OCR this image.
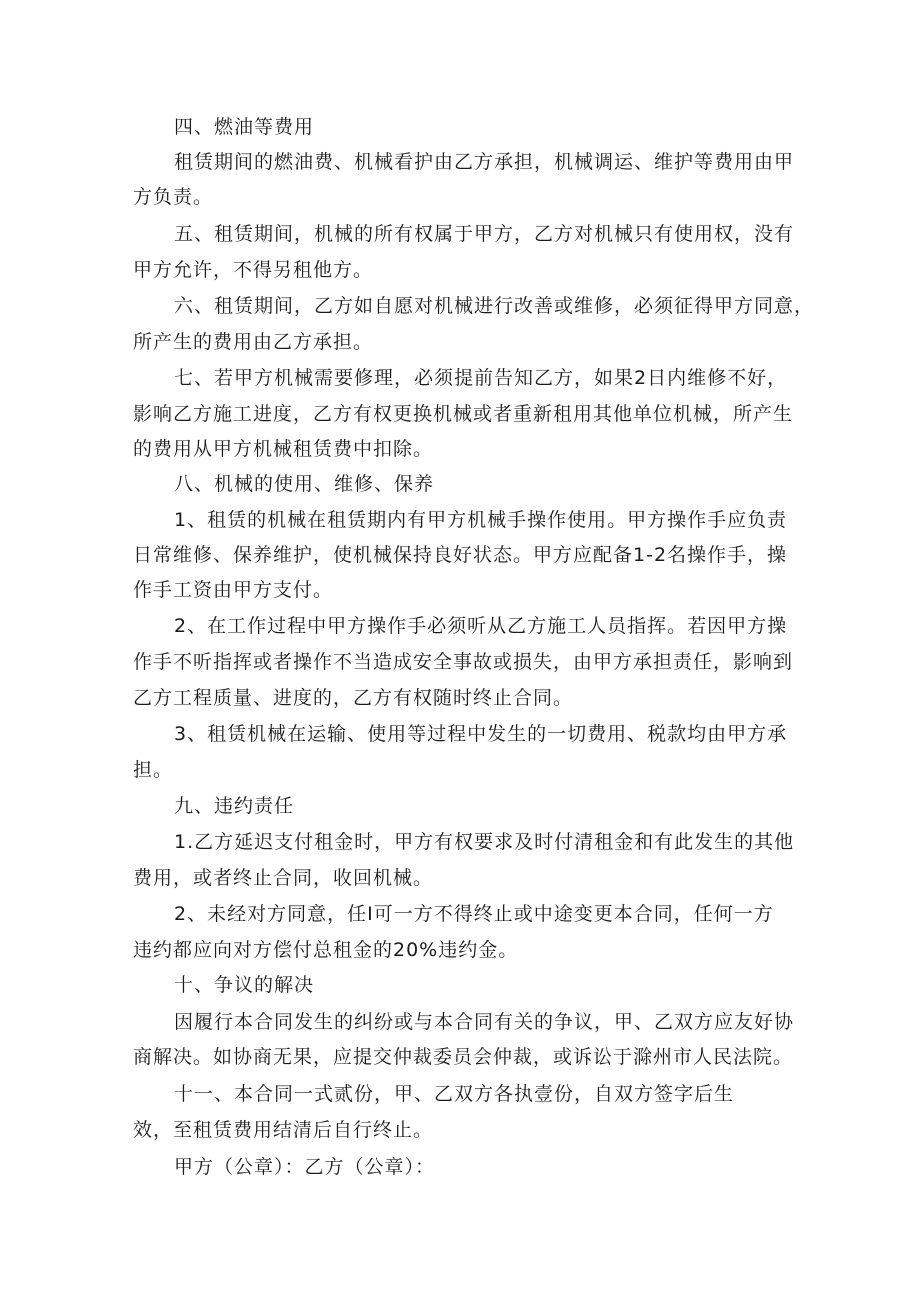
四、燃油等费用
租赁期间的燃油费、机械看护由乙方承担，机械调运、维护等费用由甲
方负责。
五、租赁期间，机械的所有权属于甲方，乙方对机械只有使用权，没有
甲方允许，不得另租他方。
六、租赁期间，乙方如自愿对机械进行改善或维修，必须征得甲方同意，
所产生的费用由乙方承担。
七、若甲方机械需要修理，必须提前告知乙方，如果2日内维修不好，
影响乙方施工进度，乙方有权更换机械或者重新租用其他单位机械，所产生
的费用从甲方机械租赁费中扣除。
八、机械的使用、维修、保养
1、租赁的机械在租赁期内有甲方机械手操作使用。甲方操作手应负责
日常维修、保养维护，使机械保持良好状态。甲方应配备1-2名操作手，操
作手工资由甲方支付。
2、在工作过程中甲方操作手必须听从乙方施工人员指挥。若因甲方操
作手不听指挥或者操作不当造成安全事故或损失，由甲方承担责任，影响到
乙方工程质量、进度的，乙方有权随时终止合同。
3、租赁机械在运输、使用等过程中发生的一切费用、税款均由甲方承
担。
九、违约责任
1.乙方延迟支付租金时，甲方有权要求及时付清租金和有此发生的其他
费用，或者终止合同，收回机械。
2、未经对方同意，任I可一方不得终止或中途变更本合同，任何一方
违约都应向对方偿付总租金的20%违约金。
十、争议的解决
因履行本合同发生的纠纷或与本合同有关的争议，甲、乙双方应友好协
商解决。如协商无果，应提交仲裁委员会仲裁，或诉讼于滁州市人民法院。
十一、本合同一式贰份，甲、乙双方各执壹份，自双方签字后生
效，至租赁费用结清后自行终止。
甲方（公章）：乙方（公章）：
